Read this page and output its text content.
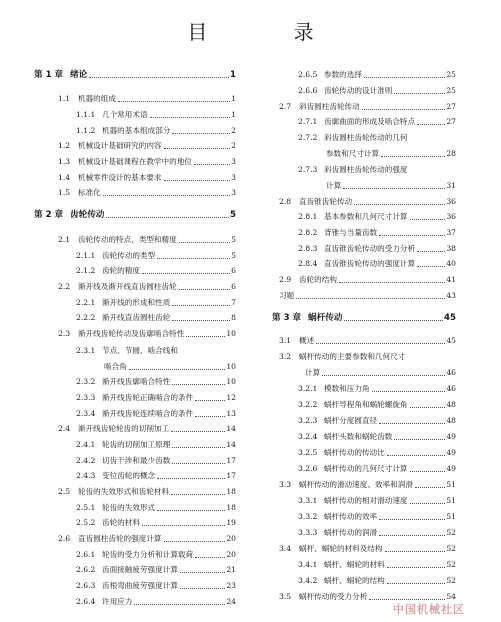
目 录
第 1 章 绪论	1
1.1	机器的组成	1
1.1.1 几个常用术语	1
1.1.2 机器的基本组成部分	2
1.2	机械设计基础研究的内容	2
1.3	机械设计基础课程在教学中的地位	3
1.4	机械零件设计的基本要求	3
1.5	标准化	3
第 2 章 齿轮传动	5
2.1	齿轮传动的特点、类型和精度	5
2.1.1 齿轮传动的类型	5
2.1.2 齿轮的精度	6
2.2	渐开线及渐开线直齿圆柱齿轮	6
2.2.1 渐开线的形成和性质	7
2.2.2 渐开线直齿圆柱齿轮	8
2.3	渐开线齿轮传动及齿廓啮合特性	10
2.3.1 节点、节圆、啮合线和
啮合角	10
2.3.2 渐开线齿廓啮合特性	10
2.3.3 渐开线齿轮正确啮合的条件	12
2.3.4 渐开线齿轮连续啮合的条件	13
2.4	渐开线齿轮轮齿的切削加工	14
2.4.1 轮齿的切削加工原理	14
2.4.2 切齿干涉和最少齿数	17
2.4.3 变位齿轮的概念	17
2.5	轮齿的失效形式和齿轮材料	18
2.5.1 轮齿的失效形式	18
2.5.2 齿轮的材料	19
2.6	直齿圆柱齿轮的强度计算	20
2.6.1 轮齿的受力分析和计算载荷	20
2.6.2 齿面接触疲劳强度计算	21
2.6.3 齿根弯曲疲劳强度计算	23
2.6.4 许用应力	24
2.6.5 参数的选择	25
2.6.6 齿轮传动的设计准则	25
2.7	斜齿圆柱齿轮传动	27
2.7.1 齿廓曲面的形成及啮合特点	27
2.7.2 斜齿圆柱齿轮传动的几何
参数和尺寸计算	28
2.7.3 斜齿圆柱齿轮传动的强度
计算	31
2.8	直齿锥齿轮传动	36
2.8.1 基本参数和几何尺寸计算	36
2.8.2 背锥与当量齿数	37
2.8.3 直齿锥齿轮传动的受力分析	38
2.8.4 直齿锥齿轮传动的强度计算	40
2.9	齿轮的结构	41
习题	43
第 3 章 蜗杆传动	45
3.1	概述	45
3.2	蜗杆传动的主要参数和几何尺寸
计算	46
3.2.1 模数和压力角	46
3.2.2 蜗杆导程角和蜗轮螺旋角	48
3.2.3 蜗杆分度圆直径	48
3.2.4 蜗杆头数和蜗轮齿数	49
3.2.5 蜗杆传动的传动比	49
3.2.6 蜗杆传动的几何尺寸计算	49
3.3	蜗杆传动的滑动速度、效率和润滑	51
3.3.1 蜗杆传动的相对滑动速度	51
3.3.2 蜗杆传动的效率	51
3.3.3 蜗杆传动的润滑	52
3.4	蜗杆、蜗轮的材料及结构	52
3.4.1 蜗杆、蜗轮的材料	52
3.4.2 蜗杆、蜗轮的结构	52
3.5	蜗杆传动的受力分析	54
中国机械社区
